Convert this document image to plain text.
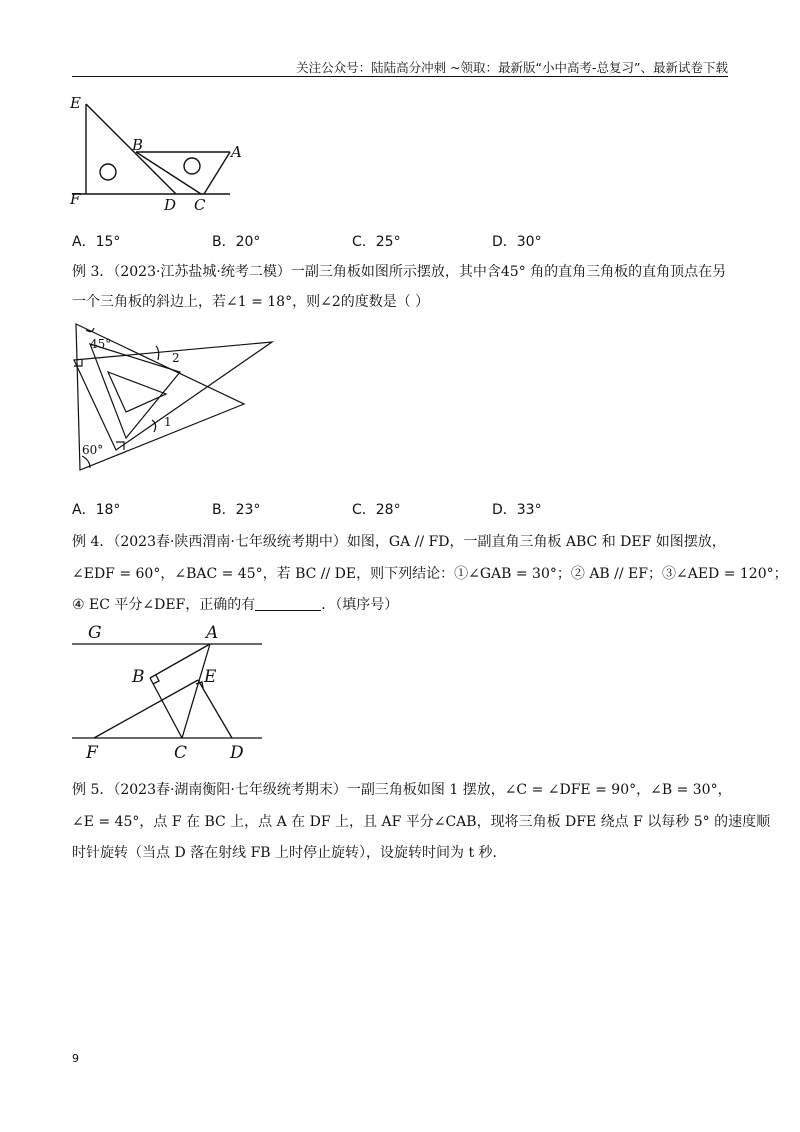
关注公众号：陆陆高分冲刺 ~领取：最新版“小中高考-总复习”、最新试卷下载
E
B	A
F	D C
A．15°	B．20°	C．25°	D．30°
例 3．（2023·江苏盐城·统考二模）一副三角板如图所示摆放，其中含45° 角的直角三角板的直角顶点在另
一个三角板的斜边上，若∠1 = 18°，则∠2的度数是（ ）
45°
60°
2
1
A．18°	B．23°	C．28°	D．33°
例 4．（2023春·陕西渭南·七年级统考期中）如图，GA // FD，一副直角三角板 ABC 和 DEF 如图摆放，
∠EDF = 60°，∠BAC = 45°，若 BC // DE，则下列结论：①∠GAB = 30°；② AB // EF；③∠AED = 120°；
④ EC 平分∠DEF，正确的有	．（填序号）
G	A
B	E
F	C	D
例 5．（2023春·湖南衡阳·七年级统考期末）一副三角板如图 1 摆放，∠C = ∠DFE = 90°，∠B = 30°，
∠E = 45°，点 F 在 BC 上，点 A 在 DF 上，且 AF 平分∠CAB，现将三角板 DFE 绕点 F 以每秒 5° 的速度顺
时针旋转（当点 D 落在射线 FB 上时停止旋转），设旋转时间为 t 秒.
9
